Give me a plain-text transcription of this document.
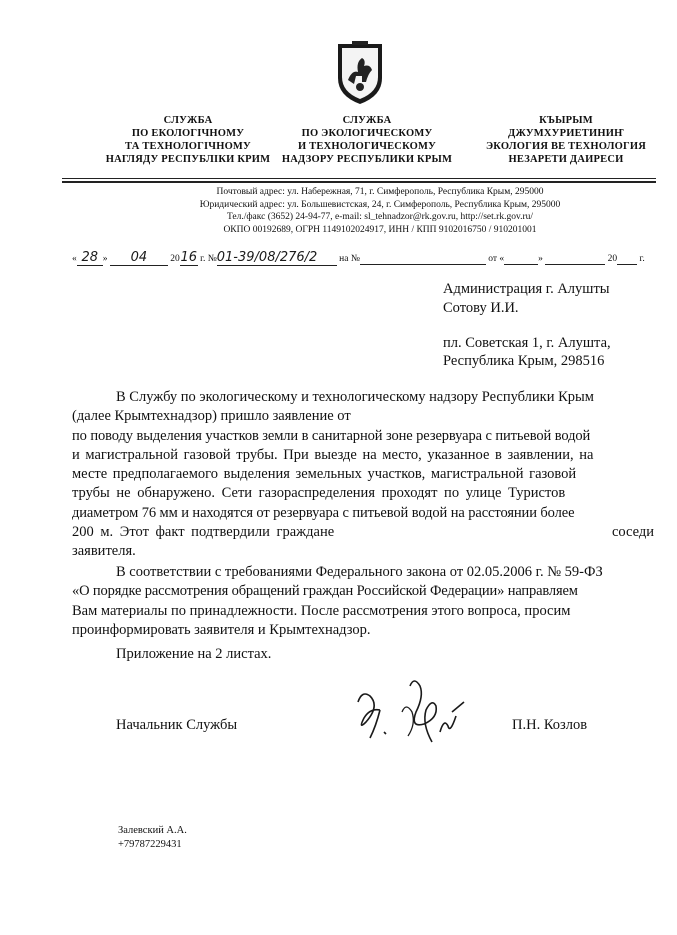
СЛУЖБА
ПО ЕКОЛОГІЧНОМУ
ТА ТЕХНОЛОГІЧНОМУ
НАГЛЯДУ РЕСПУБЛІКИ КРИМ
СЛУЖБА
ПО ЭКОЛОГИЧЕСКОМУ
И ТЕХНОЛОГИЧЕСКОМУ
НАДЗОРУ РЕСПУБЛИКИ КРЫМ
КЪЫРЫМ
ДЖУМХУРИЕТИНИҤ
ЭКОЛОГИЯ ВЕ ТЕХНОЛОГИЯ
НЕЗАРЕТИ ДАИРЕСИ
Почтовый адрес: ул. Набережная, 71, г. Симферополь, Республика Крым, 295000
Юридический адрес: ул. Большевистская, 24, г. Симферополь, Республика Крым, 295000
Тел./факс (3652) 24-94-77, e-mail: sl_tehnadzor@rk.gov.ru, http://set.rk.gov.ru/
ОКПО 00192689, ОГРН 1149102024917, ИНН / КПП 9102016750 / 910201001
« 28 » 04 2016 г. №01-39/08/276/2 на №	от «	»	20 г.
Администрация г. Алушты
Сотову И.И.
пл. Советская 1, г. Алушта,
Республика Крым, 298516
В Службу по экологическому и технологическому надзору Республики Крым
(далее Крымтехнадзор) пришло заявление от
по поводу выделения участков земли в санитарной зоне резервуара с питьевой водой
и магистральной газовой трубы. При выезде на место, указанное в заявлении, на
месте предполагаемого выделения земельных участков, магистральной газовой
трубы не обнаружено. Сети газораспределения проходят по улице Туристов
диаметром 76 мм и находятся от резервуара с питьевой водой на расстоянии более
200 м. Этот факт подтвердили граждане	соседи
заявителя.
В соответствии с требованиями Федерального закона от 02.05.2006 г. № 59-ФЗ
«О порядке рассмотрения обращений граждан Российской Федерации» направляем
Вам материалы по принадлежности. После рассмотрения этого вопроса, просим
проинформировать заявителя и Крымтехнадзор.
Приложение на 2 листах.
Начальник Службы	П.Н. Козлов
Залевский А.А.
+79787229431
